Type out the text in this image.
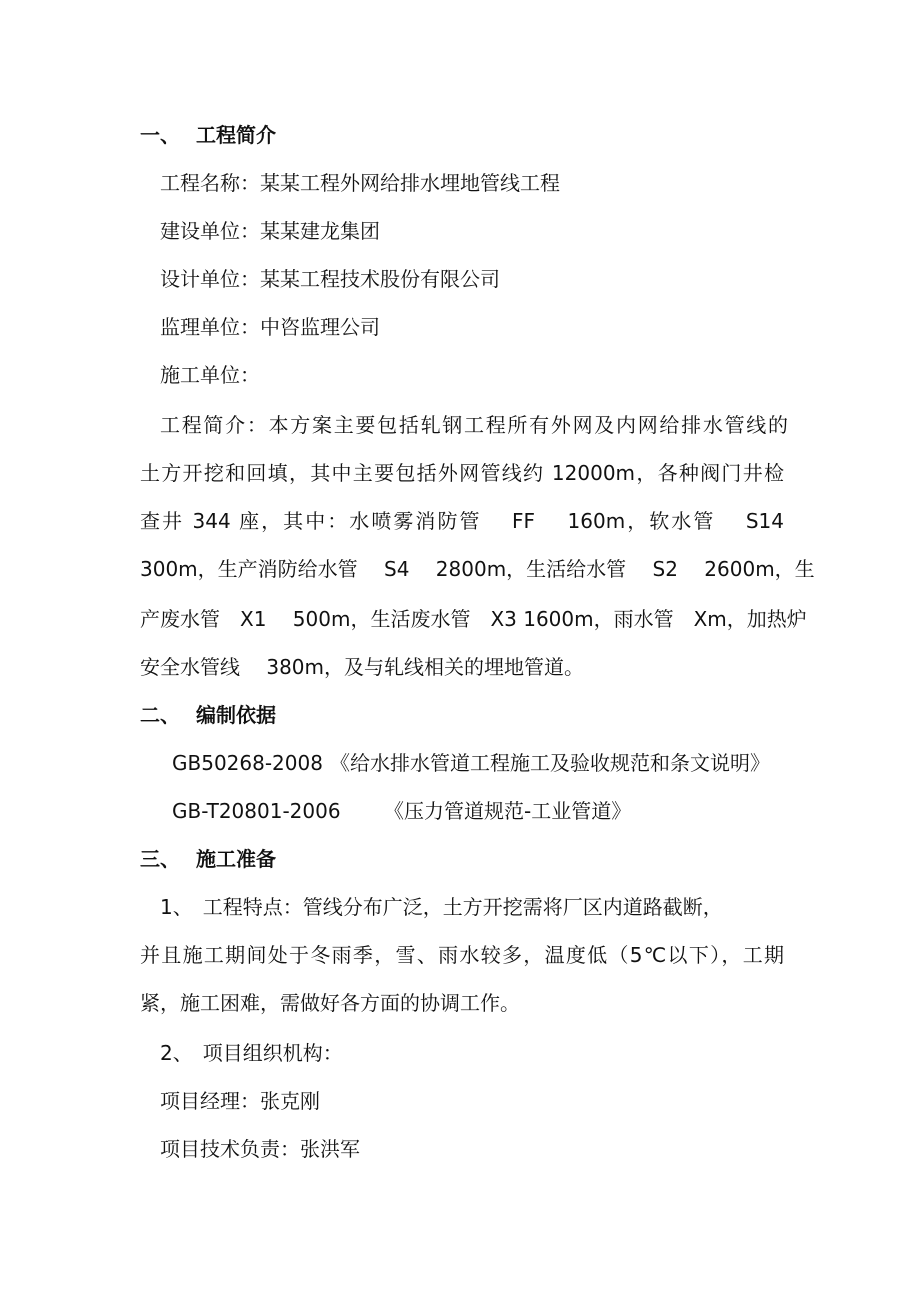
一、 工程简介
工程名称：某某工程外网给排水埋地管线工程
建设单位：某某建龙集团
设计单位：某某工程技术股份有限公司
监理单位：中咨监理公司
施工单位：
工程简介：本方案主要包括轧钢工程所有外网及内网给排水管线的
土方开挖和回填，其中主要包括外网管线约 12000m，各种阀门井检
查井 344 座，其中：水喷雾消防管　 FF　 160m，软水管　 S14
300m，生产消防给水管　 S4　 2800m，生活给水管　 S2　 2600m，生
产废水管　X1　 500m，生活废水管　X3 1600m，雨水管　Xm，加热炉
安全水管线　 380m，及与轧线相关的埋地管道。
二、 编制依据
GB50268-2008 《给水排水管道工程施工及验收规范和条文说明》
GB-T20801-2006 《压力管道规范-工业管道》
三、 施工准备
1、　工程特点：管线分布广泛，土方开挖需将厂区内道路截断，
并且施工期间处于冬雨季，雪、雨水较多，温度低（5℃以下），工期
紧，施工困难，需做好各方面的协调工作。
2、　项目组织机构：
项目经理：张克刚
项目技术负责：张洪军
